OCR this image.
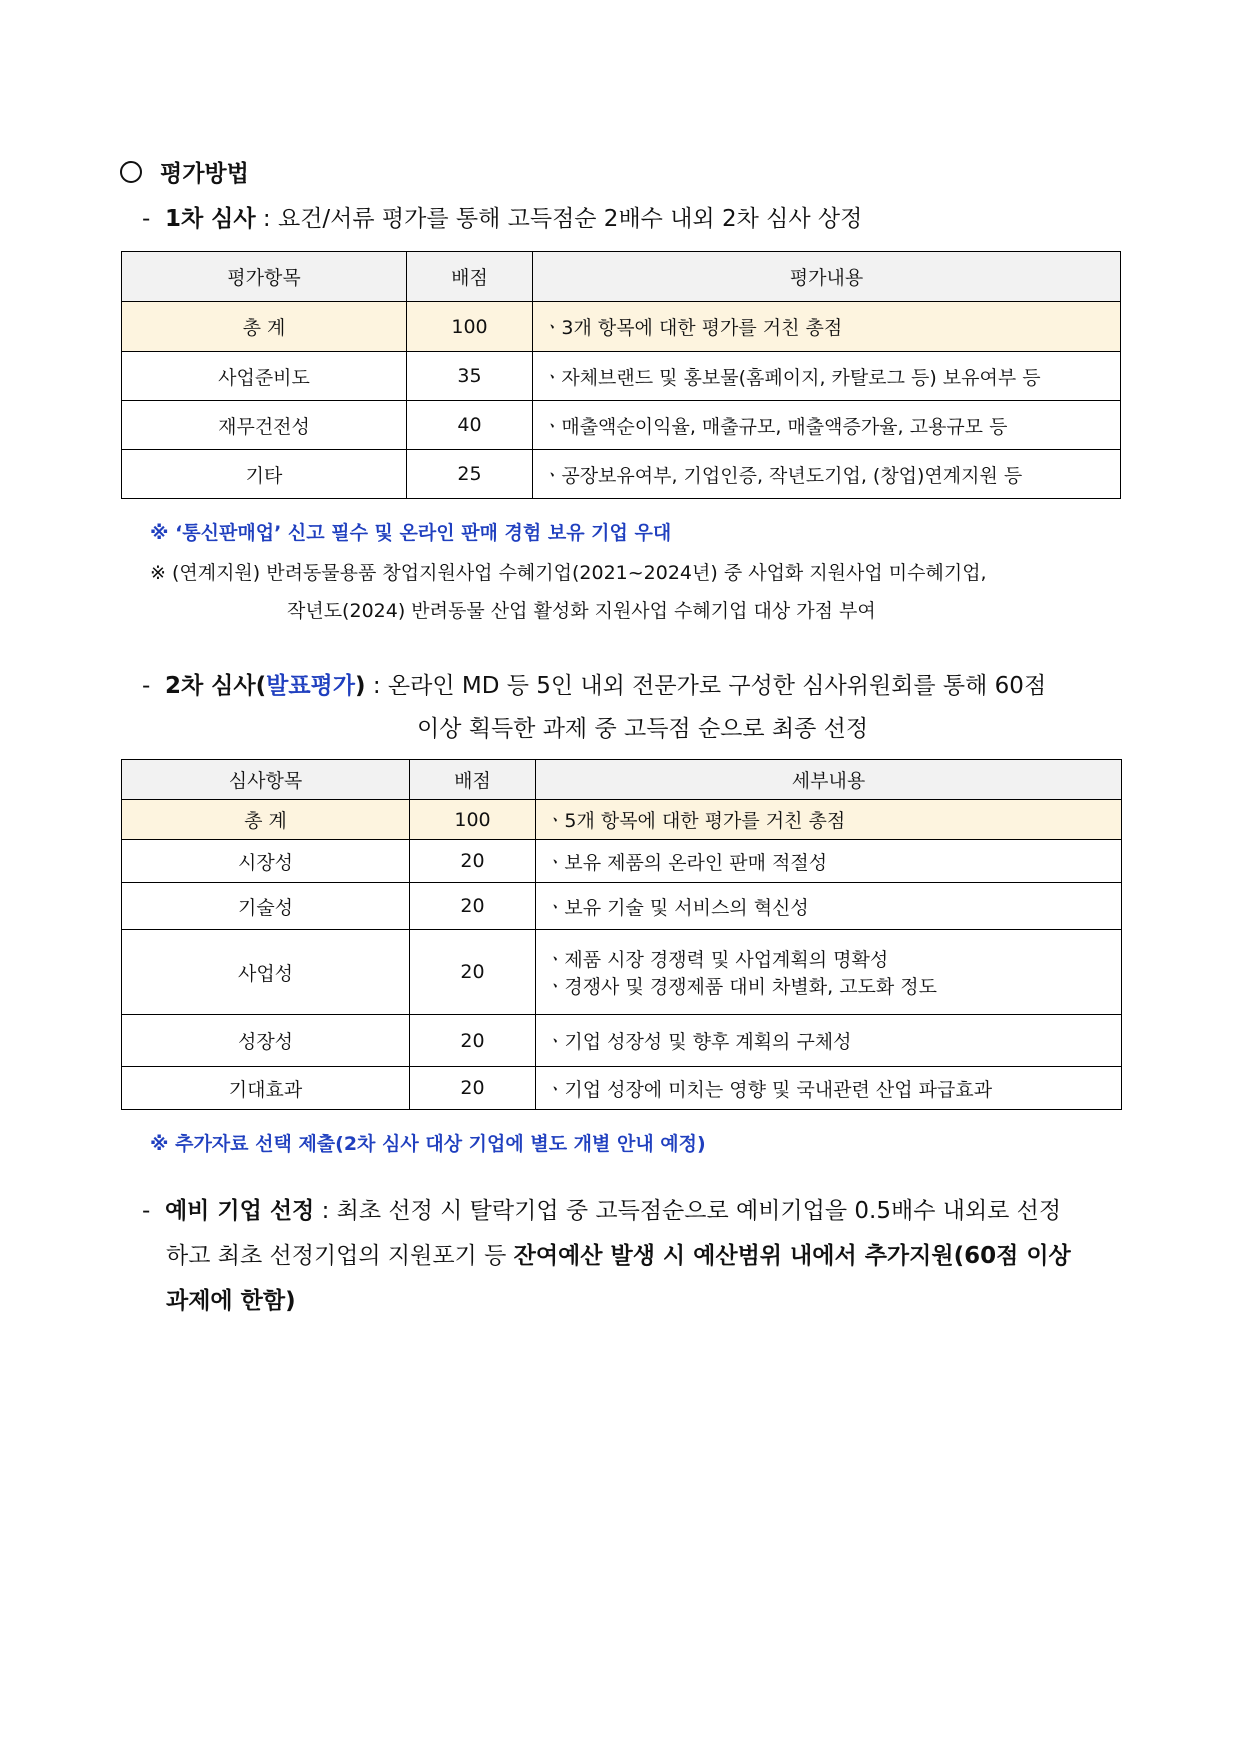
평가방법
- 1차 심사 : 요건/서류 평가를 통해 고득점순 2배수 내외 2차 심사 상정
평가항목	배점	평가내용
총 계	100	ㆍ3개 항목에 대한 평가를 거친 총점
사업준비도	35	ㆍ자체브랜드 및 홍보물(홈페이지, 카탈로그 등) 보유여부 등
재무건전성	40	ㆍ매출액순이익율, 매출규모, 매출액증가율, 고용규모 등
기타	25	ㆍ공장보유여부, 기업인증, 작년도기업, (창업)연계지원 등
※ ‘통신판매업’ 신고 필수 및 온라인 판매 경험 보유 기업 우대
※ (연계지원) 반려동물용품 창업지원사업 수혜기업(2021~2024년) 중 사업화 지원사업 미수혜기업,
작년도(2024) 반려동물 산업 활성화 지원사업 수혜기업 대상 가점 부여
- 2차 심사(발표평가) : 온라인 MD 등 5인 내외 전문가로 구성한 심사위원회를 통해 60점
이상 획득한 과제 중 고득점 순으로 최종 선정
심사항목	배점	세부내용
총 계	100	ㆍ5개 항목에 대한 평가를 거친 총점
시장성	20	ㆍ보유 제품의 온라인 판매 적절성
기술성	20	ㆍ보유 기술 및 서비스의 혁신성
사업성	20	ㆍ제품 시장 경쟁력 및 사업계획의 명확성
ㆍ경쟁사 및 경쟁제품 대비 차별화, 고도화 정도

성장성	20	ㆍ기업 성장성 및 향후 계획의 구체성
기대효과	20	ㆍ기업 성장에 미치는 영향 및 국내관련 산업 파급효과
※ 추가자료 선택 제출(2차 심사 대상 기업에 별도 개별 안내 예정)
- 예비 기업 선정 : 최초 선정 시 탈락기업 중 고득점순으로 예비기업을 0.5배수 내외로 선정
하고 최초 선정기업의 지원포기 등 잔여예산 발생 시 예산범위 내에서 추가지원(60점 이상
과제에 한함)
